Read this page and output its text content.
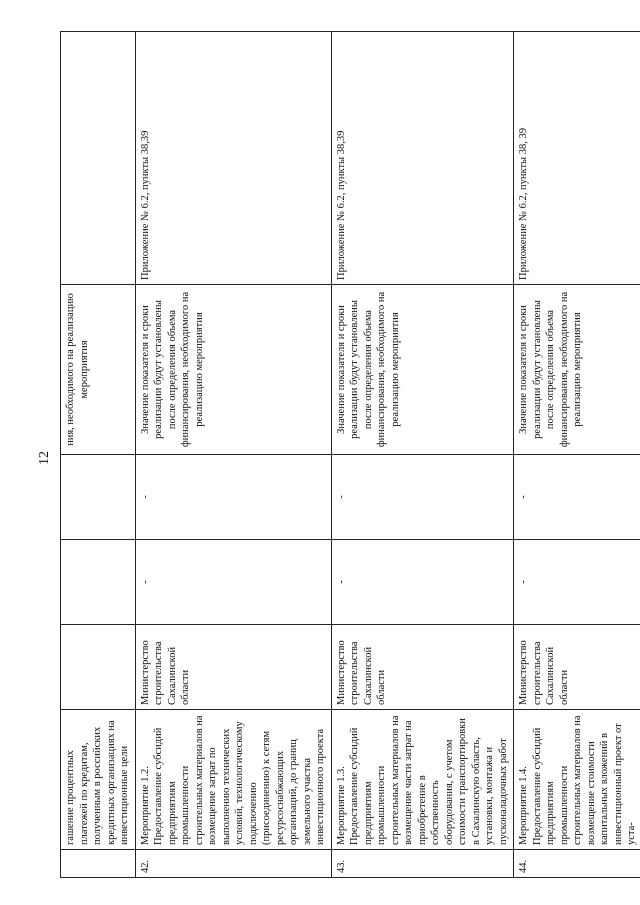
12
	гашение процентных платежей по кредитам, полученным в российских кредитных организациях на инвестиционные цели				ния, необходимого на реализацию мероприятия	
42.	Мероприятие 1.2. Предоставление субсидий предприятиям промышленности строительных материалов на возмещение затрат по выполнению технических условий, технологическому подключению (присоединению) к сетям ресурсоснабжающих организаций, до границ земельного участка инвестиционного проекта	Министерство строительства Сахалинской области	-	-	Значение показателя и сроки реализации будут установлены после определения объема финансирования, необходимого на реализацию мероприятия	Приложение № 6.2, пункты 38,39
43.	Мероприятие 1.3. Предоставление субсидий предприятиям промышленности строительных материалов на возмещение части затрат на приобретение в собственность оборудования, с учетом стоимости транспортировки в Сахалинскую область, установки, монтажа и пусконаладочных работ	Министерство строительства Сахалинской области	-	-	Значение показателя и сроки реализации будут установлены после определения объема финансирования, необходимого на реализацию мероприятия	Приложение № 6.2, пункты 38,39
44.	Мероприятие 1.4. Предоставление субсидий предприятиям промышленности строительных материалов на возмещение стоимости капитальных вложений в инвестиционный проект от уста-	Министерство строительства Сахалинской области	-	-	Значение показателя и сроки реализации будут установлены после определения объема финансирования, необходимого на реализацию мероприятия	Приложение № 6.2, пункты 38, 39
